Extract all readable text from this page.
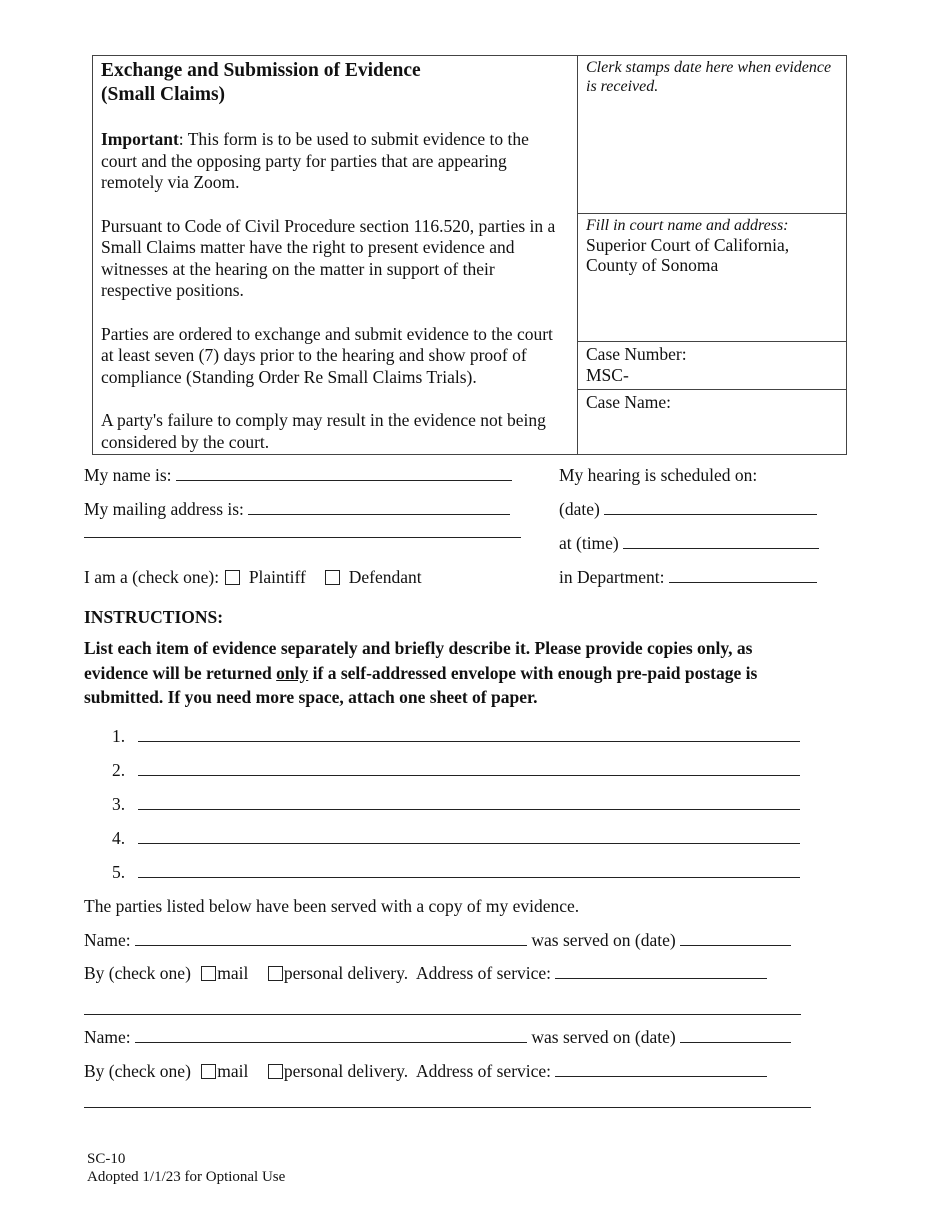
Exchange and Submission of Evidence
(Small Claims)
Important: This form is to be used to submit evidence to the court and the opposing party for parties that are appearing remotely via Zoom.
Pursuant to Code of Civil Procedure section 116.520, parties in a Small Claims matter have the right to present evidence and witnesses at the hearing on the matter in support of their respective positions.
Parties are ordered to exchange and submit evidence to the court at least seven (7) days prior to the hearing and show proof of compliance (Standing Order Re Small Claims Trials).
A party's failure to comply may result in the evidence not being considered by the court.
Clerk stamps date here when evidence is received.
Fill in court name and address:
Superior Court of California,
County of Sonoma
Case Number:
MSC-
Case Name:
My name is:
My mailing address is:
I am a (check one): Plaintiff Defendant
My hearing is scheduled on:
(date)
at (time)
in Department:
INSTRUCTIONS:
List each item of evidence separately and briefly describe it. Please provide copies only, as evidence will be returned only if a self-addressed envelope with enough pre-paid postage is submitted. If you need more space, attach one sheet of paper.
1.
2.
3.
4.
5.
The parties listed below have been served with a copy of my evidence.
Name:	was served on (date)
By (check one) mail personal delivery. Address of service:
Name:	was served on (date)
By (check one) mail personal delivery. Address of service:
SC-10
Adopted 1/1/23 for Optional Use
